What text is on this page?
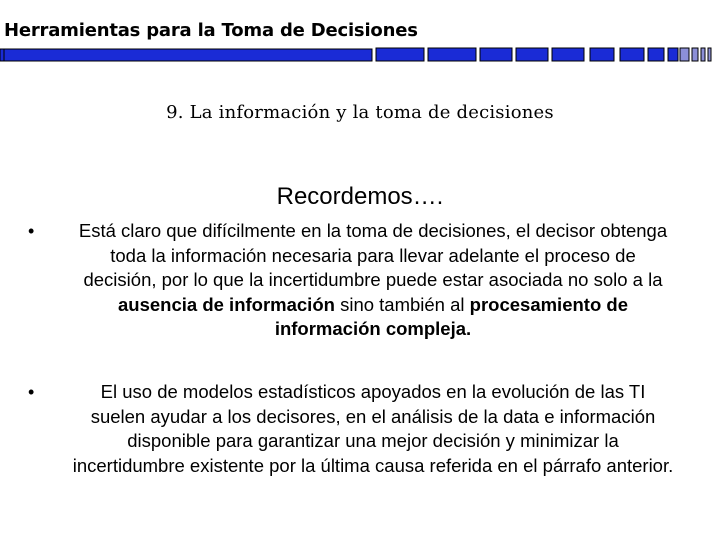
Herramientas para la Toma de Decisiones
9. La información y la toma de decisiones
Recordemos….
•	Está claro que difícilmente en la toma de decisiones, el decisor obtenga toda la información necesaria para llevar adelante el proceso de decisión, por lo que la incertidumbre puede estar asociada no solo a la ausencia de información sino también al procesamiento de información compleja.
•	El uso de modelos estadísticos apoyados en la evolución de las TI suelen ayudar a los decisores, en el análisis de la data e información disponible para garantizar una mejor decisión y minimizar la incertidumbre existente por la última causa referida en el párrafo anterior.
